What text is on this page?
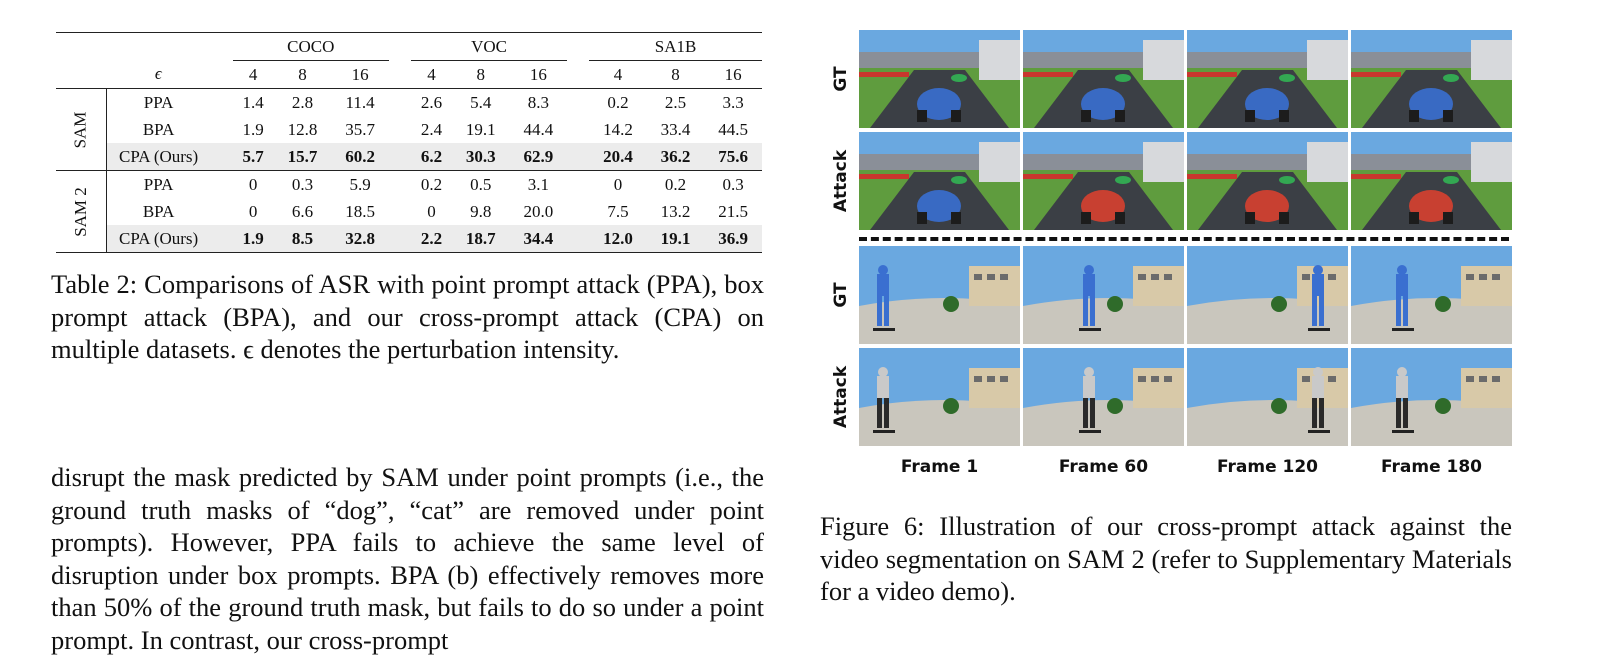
			COCO				VOC				SA1B		
	ϵ		4	8	16		4	8	16		4	8	16
SAM	PPA		1.4	2.8	11.4		2.6	5.4	8.3		0.2	2.5	3.3
	BPA		1.9	12.8	35.7		2.4	19.1	44.4		14.2	33.4	44.5
	CPA (Ours)		5.7	15.7	60.2		6.2	30.3	62.9		20.4	36.2	75.6
SAM 2	PPA		0	0.3	5.9		0.2	0.5	3.1		0	0.2	0.3
	BPA		0	6.6	18.5		0	9.8	20.0		7.5	13.2	21.5
	CPA (Ours)		1.9	8.5	32.8		2.2	18.7	34.4		12.0	19.1	36.9
Table 2: Comparisons of ASR with point prompt attack (PPA), box prompt attack (BPA), and our cross-prompt attack (CPA) on multiple datasets. ϵ denotes the perturbation intensity.
disrupt the mask predicted by SAM under point prompts (i.e., the ground truth masks of “dog”, “cat” are removed under point prompts). However, PPA fails to achieve the same level of disruption under box prompts. BPA (b) effectively removes more than 50% of the ground truth mask, but fails to do so under a point prompt. In contrast, our cross-prompt
GT
Attack
GT
Attack
Frame 1	Frame 60	Frame 120	Frame 180
Figure 6: Illustration of our cross-prompt attack against the video segmentation on SAM 2 (refer to Supplementary Materials for a video demo).
